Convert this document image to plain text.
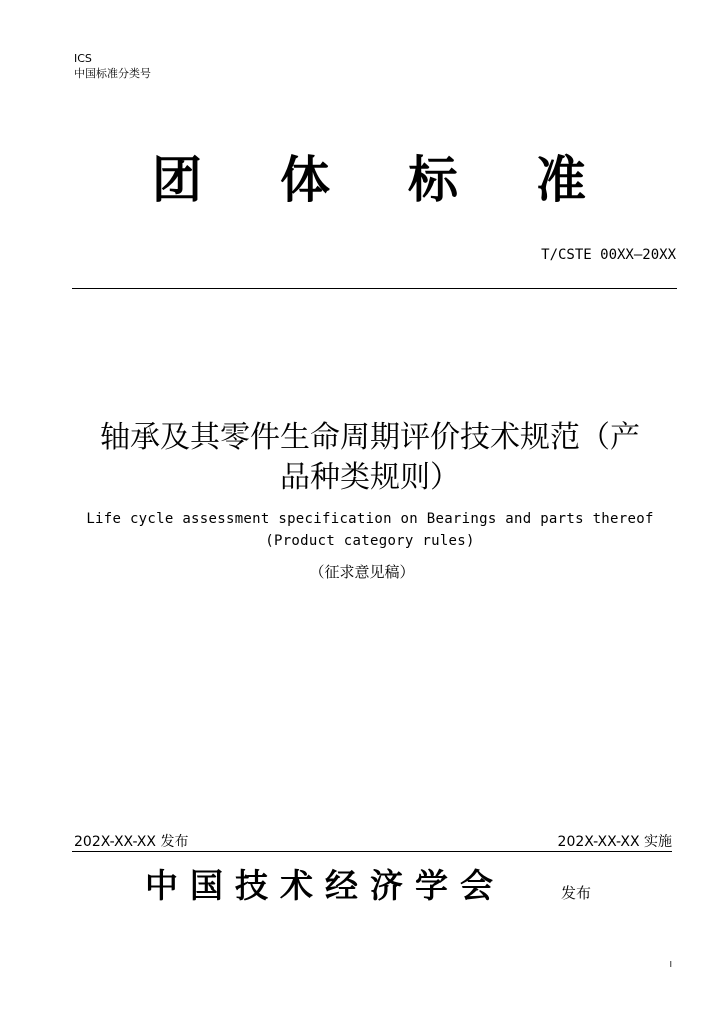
ICS
中国标准分类号
团 体 标 准
T/CSTE 00XX—20XX
轴承及其零件生命周期评价技术规范（产
品种类规则）
Life cycle assessment specification on Bearings and parts thereof
(Product category rules)
（征求意见稿）
202X-XX-XX 发布	202X-XX-XX 实施
中国技术经济学会	发布
I
